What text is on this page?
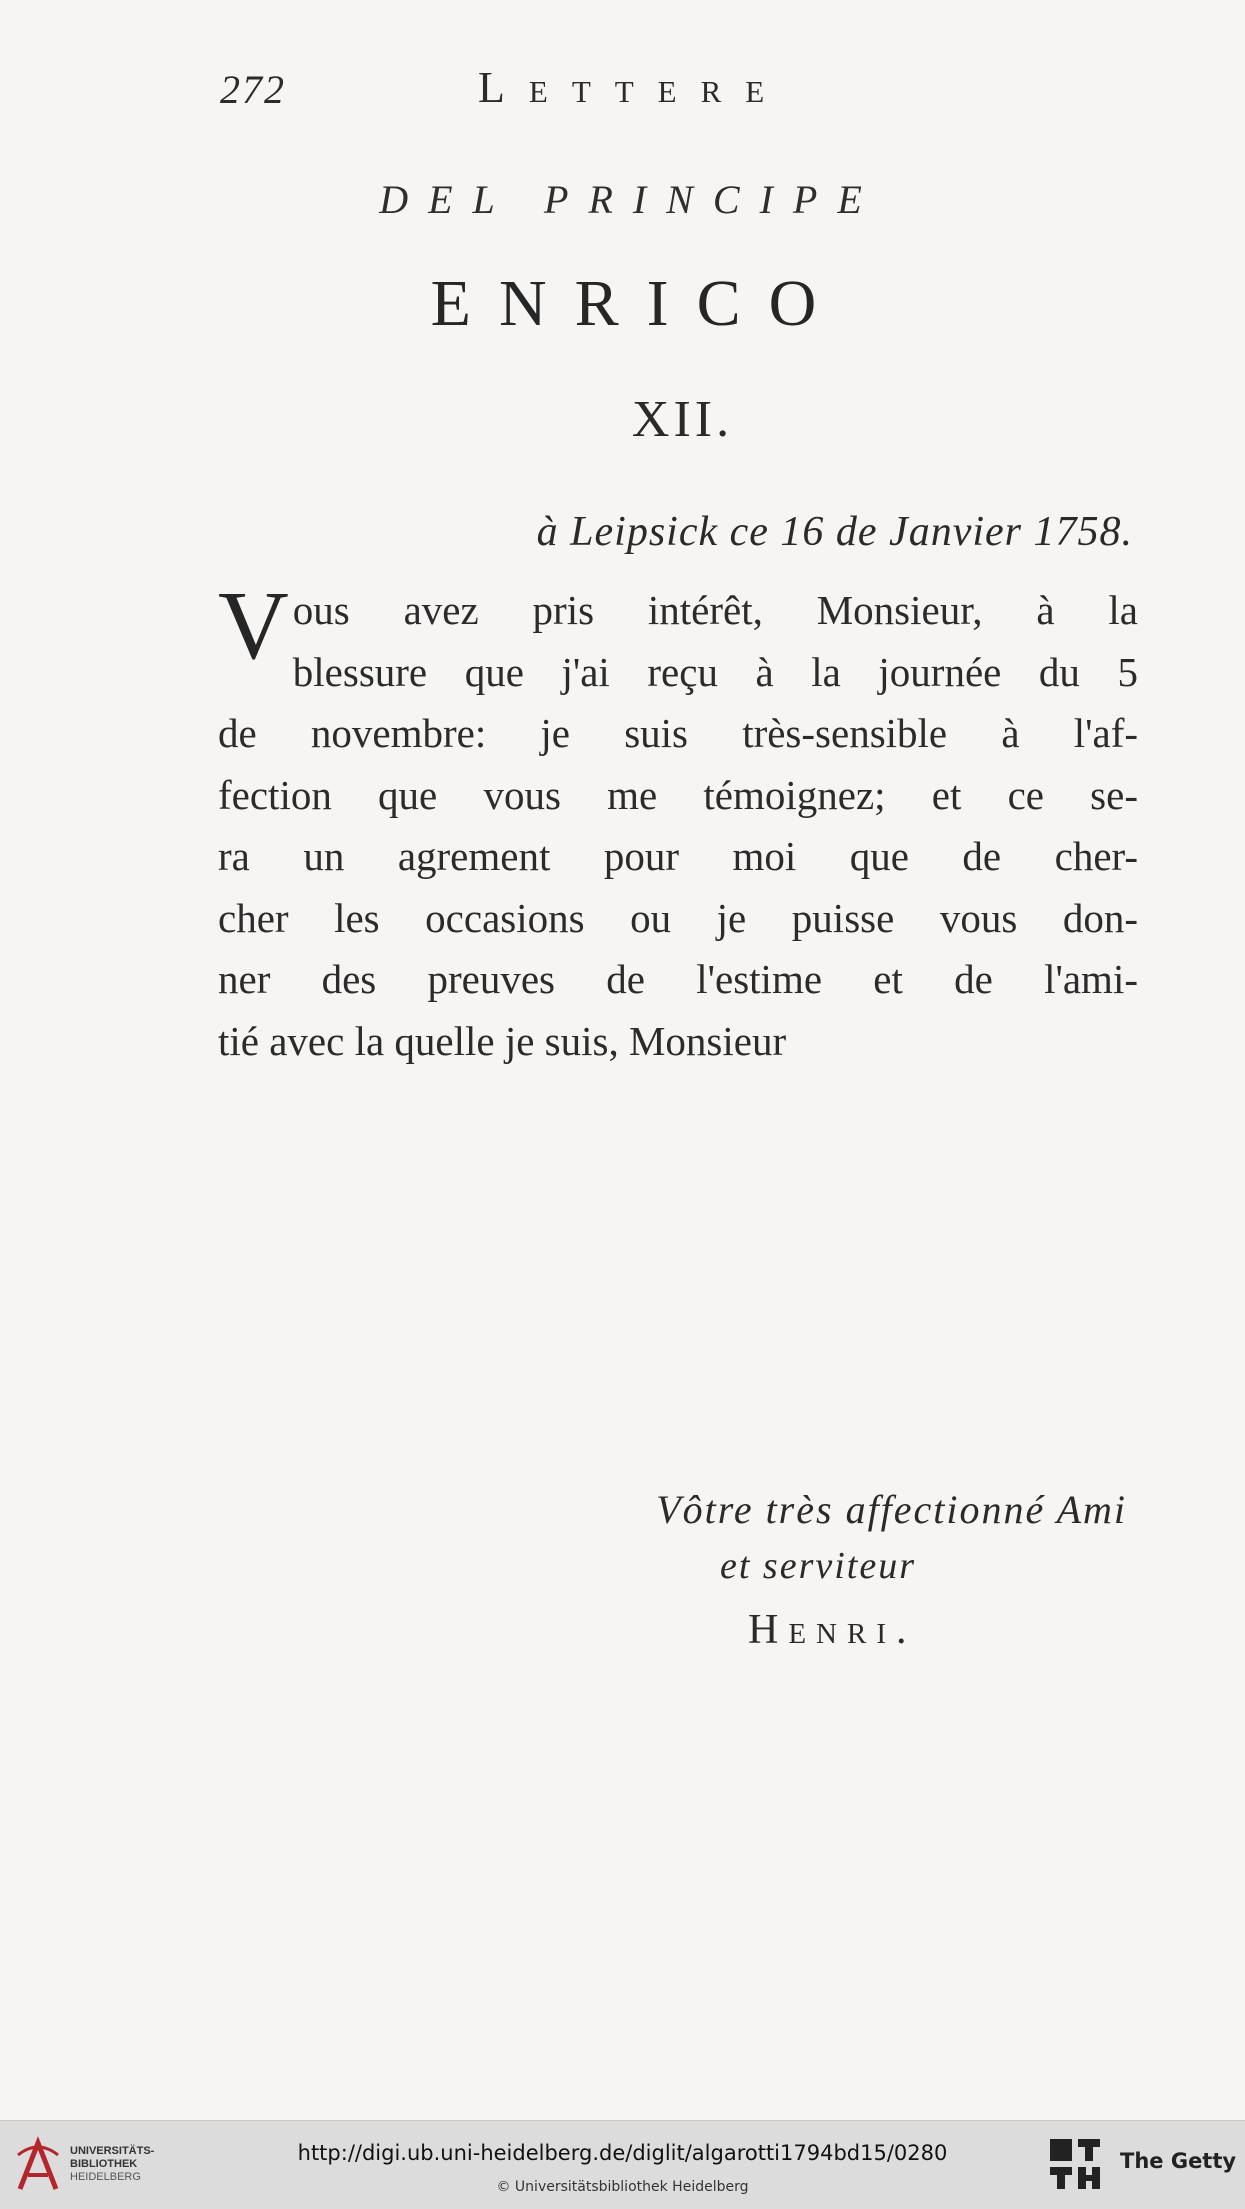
272	Lettere
DEL PRINCIPE
ENRICO
XII.
à Leipsick ce 16 de Janvier 1758.
V ous avez pris intérêt, Monsieur, à la
blessure que j'ai reçu à la journée du 5
de novembre: je suis très-sensible à l'af-
fection que vous me témoignez; et ce se-
ra un agrement pour moi que de cher-
cher les occasions ou je puisse vous don-
ner des preuves de l'estime et de l'ami-
tié avec la quelle je suis, Monsieur
Vôtre très affectionné Ami
et serviteur
Henri.
UNIVERSITÄTS-
BIBLIOTHEK
HEIDELBERG
http://digi.ub.uni-heidelberg.de/diglit/algarotti1794bd15/0280
© Universitätsbibliothek Heidelberg
The Getty
